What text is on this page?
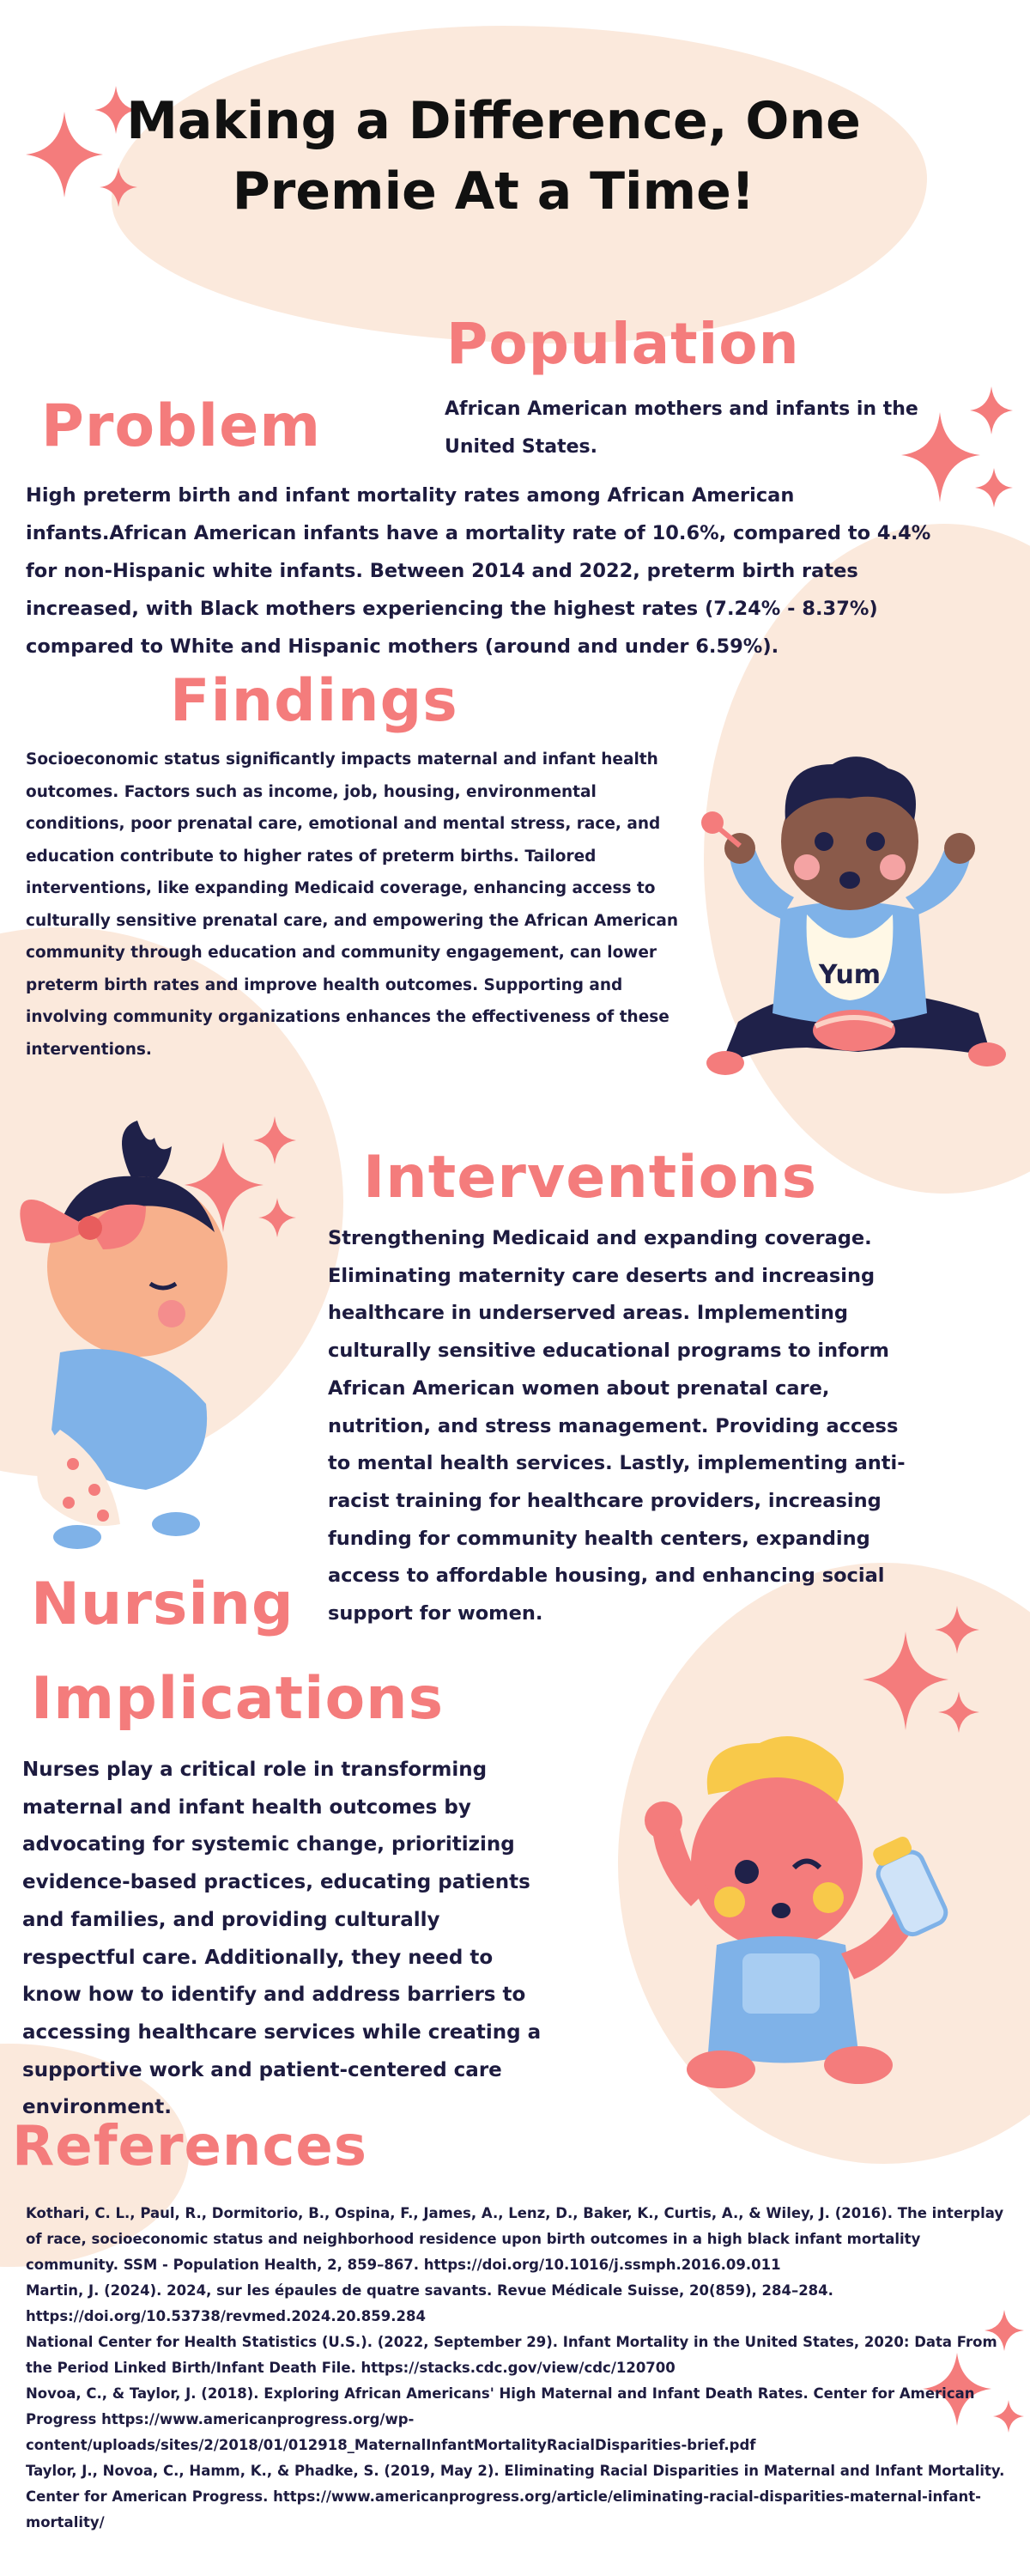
Making a Difference, One Premie At a Time!
Population

African American mothers and infants in the United States.

Problem

High preterm birth and infant mortality rates among African American infants.African American infants have a mortality rate of 10.6%, compared to 4.4% for non-Hispanic white infants. Between 2014 and 2022, preterm birth rates increased, with Black mothers experiencing the highest rates (7.24% - 8.37%) compared to White and Hispanic mothers (around and under 6.59%).

Findings

Socioeconomic status significantly impacts maternal and infant health outcomes. Factors such as income, job, housing, environmental conditions, poor prenatal care, emotional and mental stress, race, and education contribute to higher rates of preterm births. Tailored interventions, like expanding Medicaid coverage, enhancing access to culturally sensitive prenatal care, and empowering the African American community through education and community engagement, can lower preterm birth rates and improve health outcomes. Supporting and involving community organizations enhances the effectiveness of these interventions.

Yum
Interventions

Strengthening Medicaid and expanding coverage. Eliminating maternity care deserts and increasing healthcare in underserved areas. Implementing culturally sensitive educational programs to inform African American women about prenatal care, nutrition, and stress management. Providing access to mental health services. Lastly, implementing anti-racist training for healthcare providers, increasing funding for community health centers, expanding access to affordable housing, and enhancing social support for women.

Nursing
Implications

Nurses play a critical role in transforming maternal and infant health outcomes by advocating for systemic change, prioritizing evidence-based practices, educating patients and families, and providing culturally respectful care. Additionally, they need to know how to identify and address barriers to accessing healthcare services while creating a supportive work and patient-centered care environment.

References

Kothari, C. L., Paul, R., Dormitorio, B., Ospina, F., James, A., Lenz, D., Baker, K., Curtis, A., & Wiley, J. (2016). The interplay of race, socioeconomic status and neighborhood residence upon birth outcomes in a high black infant mortality community. SSM - Population Health, 2, 859–867. https://doi.org/10.1016/j.ssmph.2016.09.011

Martin, J. (2024). 2024, sur les épaules de quatre savants. Revue Médicale Suisse, 20(859), 284–284. https://doi.org/10.53738/revmed.2024.20.859.284

National Center for Health Statistics (U.S.). (2022, September 29). Infant Mortality in the United States, 2020: Data From the Period Linked Birth/Infant Death File. https://stacks.cdc.gov/view/cdc/120700

Novoa, C., & Taylor, J. (2018). Exploring African Americans' High Maternal and Infant Death Rates. Center for American Progress https://www.americanprogress.org/wp-content/uploads/sites/2/2018/01/012918_MaternalInfantMortalityRacialDisparities-brief.pdf

Taylor, J., Novoa, C., Hamm, K., & Phadke, S. (2019, May 2). Eliminating Racial Disparities in Maternal and Infant Mortality. Center for American Progress. https://www.americanprogress.org/article/eliminating-racial-disparities-maternal-infant-mortality/
